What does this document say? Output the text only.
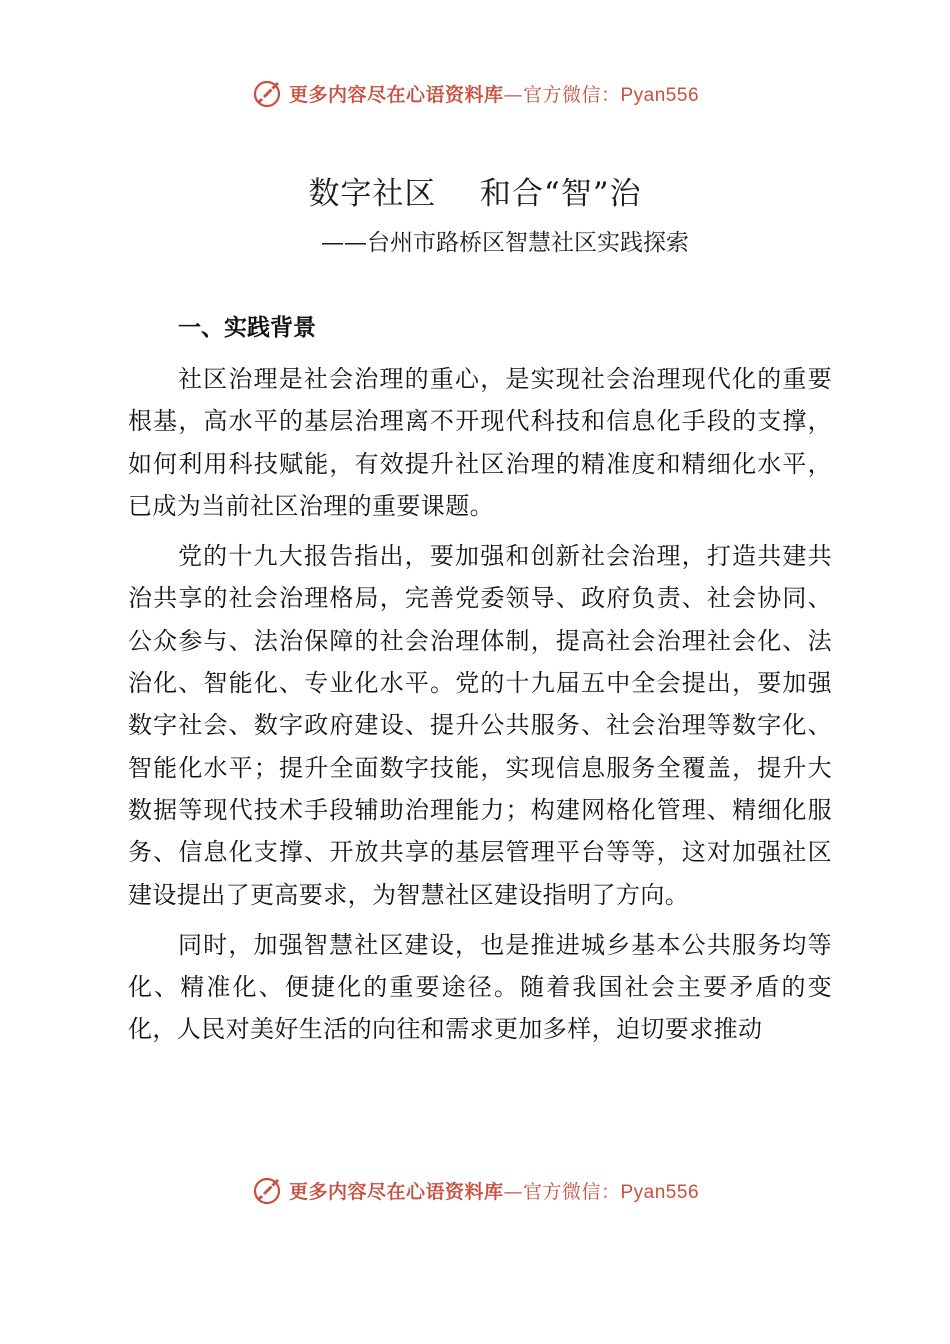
更多内容尽在心语资料库—官方微信：Pyan556
数字社区    和合“智”治
——台州市路桥区智慧社区实践探索
一、实践背景

社区治理是社会治理的重心，是实现社会治理现代化的重要根基，高水平的基层治理离不开现代科技和信息化手段的支撑，如何利用科技赋能，有效提升社区治理的精准度和精细化水平，已成为当前社区治理的重要课题。

党的十九大报告指出，要加强和创新社会治理，打造共建共治共享的社会治理格局，完善党委领导、政府负责、社会协同、公众参与、法治保障的社会治理体制，提高社会治理社会化、法治化、智能化、专业化水平。党的十九届五中全会提出，要加强数字社会、数字政府建设、提升公共服务、社会治理等数字化、智能化水平；提升全面数字技能，实现信息服务全覆盖，提升大数据等现代技术手段辅助治理能力；构建网格化管理、精细化服务、信息化支撑、开放共享的基层管理平台等等，这对加强社区建设提出了更高要求，为智慧社区建设指明了方向。

同时，加强智慧社区建设，也是推进城乡基本公共服务均等化、精准化、便捷化的重要途径。随着我国社会主要矛盾的变化，人民对美好生活的向往和需求更加多样，迫切要求推动

更多内容尽在心语资料库—官方微信：Pyan556
